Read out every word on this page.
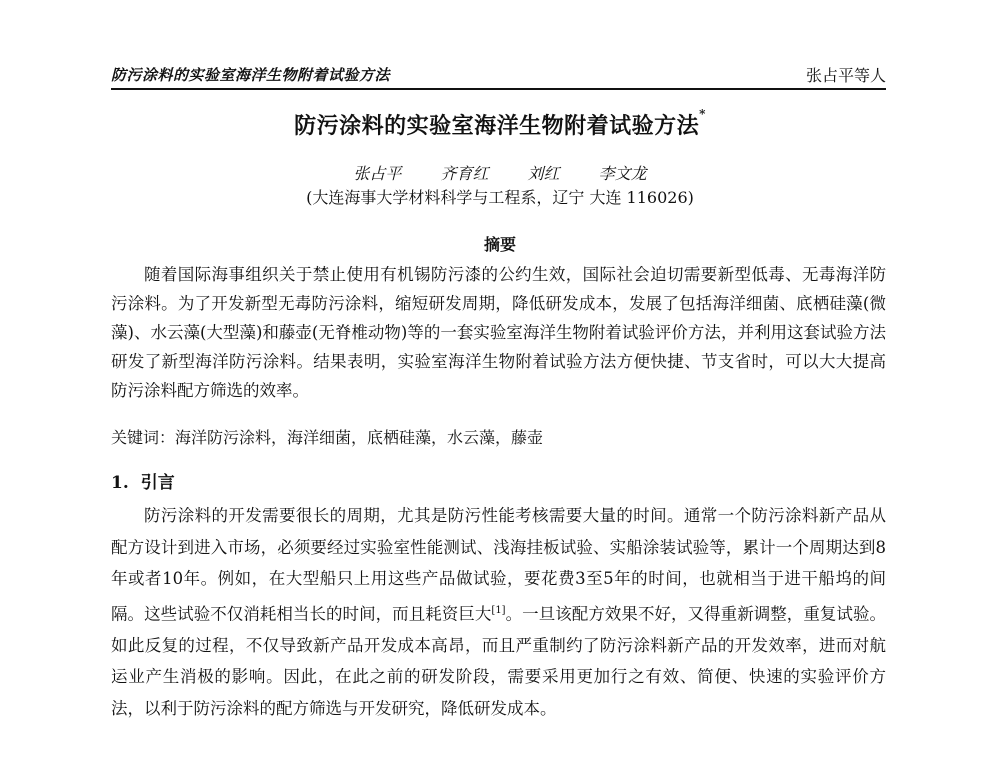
防污涂料的实验室海洋生物附着试验方法	张占平等人
防污涂料的实验室海洋生物附着试验方法*
张占平 齐育红 刘红 李文龙
(大连海事大学材料科学与工程系，辽宁 大连 116026)
摘要

随着国际海事组织关于禁止使用有机锡防污漆的公约生效，国际社会迫切需要新型低毒、无毒海洋防污涂料。为了开发新型无毒防污涂料，缩短研发周期，降低研发成本，发展了包括海洋细菌、底栖硅藻(微藻)、水云藻(大型藻)和藤壶(无脊椎动物)等的一套实验室海洋生物附着试验评价方法，并利用这套试验方法研发了新型海洋防污涂料。结果表明，实验室海洋生物附着试验方法方便快捷、节支省时，可以大大提高防污涂料配方筛选的效率。

关键词：海洋防污涂料，海洋细菌，底栖硅藻，水云藻，藤壶
1. 引言

防污涂料的开发需要很长的周期，尤其是防污性能考核需要大量的时间。通常一个防污涂料新产品从配方设计到进入市场，必须要经过实验室性能测试、浅海挂板试验、实船涂装试验等，累计一个周期达到8年或者10年。例如，在大型船只上用这些产品做试验，要花费3至5年的时间，也就相当于进干船坞的间隔。这些试验不仅消耗相当长的时间，而且耗资巨大[1]。一旦该配方效果不好，又得重新调整，重复试验。如此反复的过程，不仅导致新产品开发成本高昂，而且严重制约了防污涂料新产品的开发效率，进而对航运业产生消极的影响。因此，在此之前的研发阶段，需要采用更加行之有效、简便、快速的实验评价方法，以利于防污涂料的配方筛选与开发研究，降低研发成本。
